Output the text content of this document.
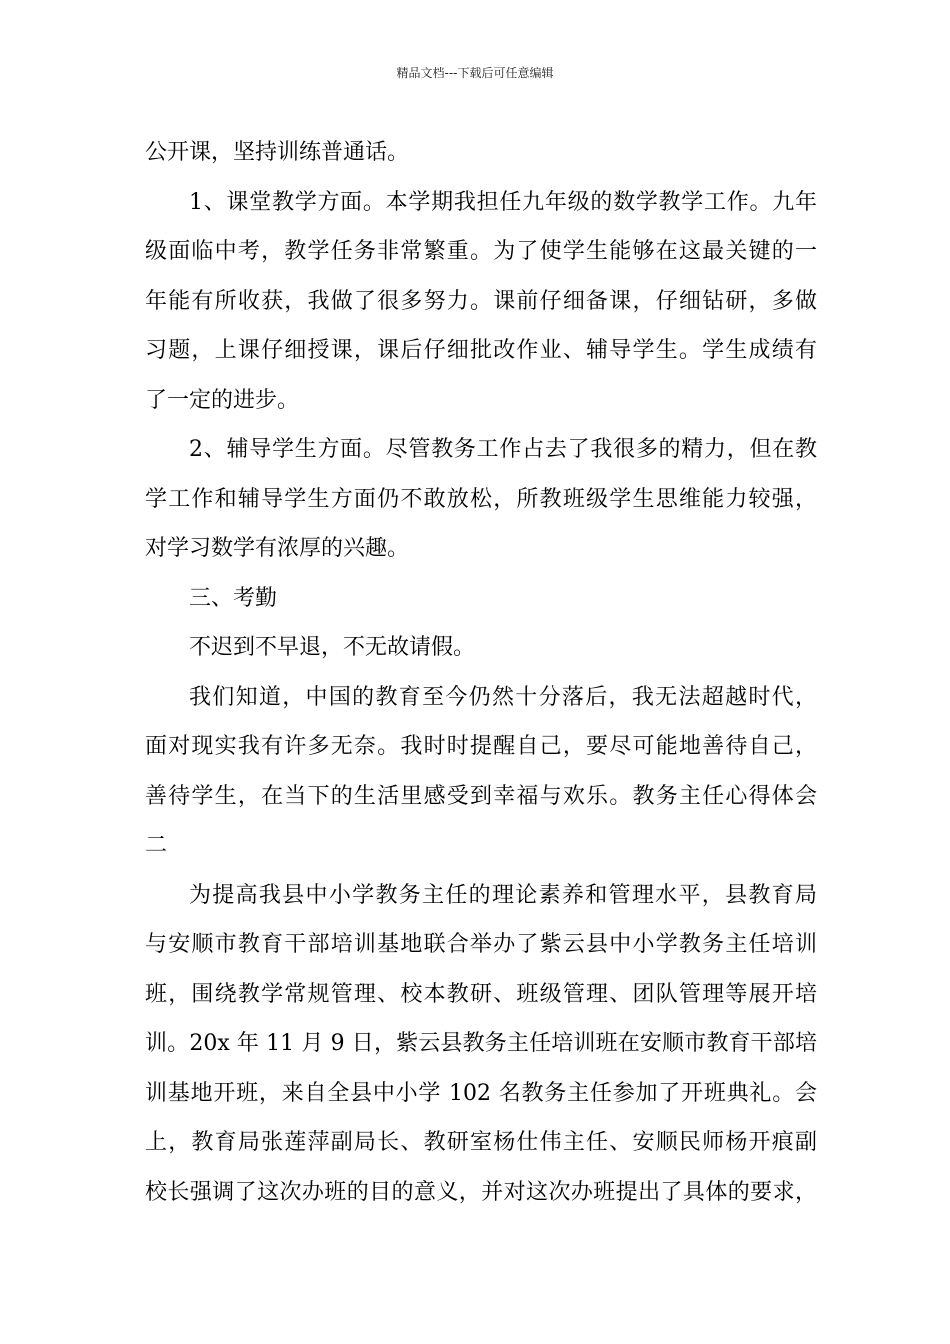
精品文档---下载后可任意编辑
公开课，坚持训练普通话。
1、课堂教学方面。本学期我担任九年级的数学教学工作。九年
级面临中考，教学任务非常繁重。为了使学生能够在这最关键的一
年能有所收获，我做了很多努力。课前仔细备课，仔细钻研，多做
习题，上课仔细授课，课后仔细批改作业、辅导学生。学生成绩有
了一定的进步。
2、辅导学生方面。尽管教务工作占去了我很多的精力，但在教
学工作和辅导学生方面仍不敢放松，所教班级学生思维能力较强，
对学习数学有浓厚的兴趣。
三、考勤
不迟到不早退，不无故请假。
我们知道，中国的教育至今仍然十分落后，我无法超越时代，
面对现实我有许多无奈。我时时提醒自己，要尽可能地善待自己，
善待学生，在当下的生活里感受到幸福与欢乐。教务主任心得体会
二
为提高我县中小学教务主任的理论素养和管理水平，县教育局
与安顺市教育干部培训基地联合举办了紫云县中小学教务主任培训
班，围绕教学常规管理、校本教研、班级管理、团队管理等展开培
训。20x 年 11 月 9 日，紫云县教务主任培训班在安顺市教育干部培
训基地开班，来自全县中小学 102 名教务主任参加了开班典礼。会
上，教育局张莲萍副局长、教研室杨仕伟主任、安顺民师杨开痕副
校长强调了这次办班的目的意义，并对这次办班提出了具体的要求，
